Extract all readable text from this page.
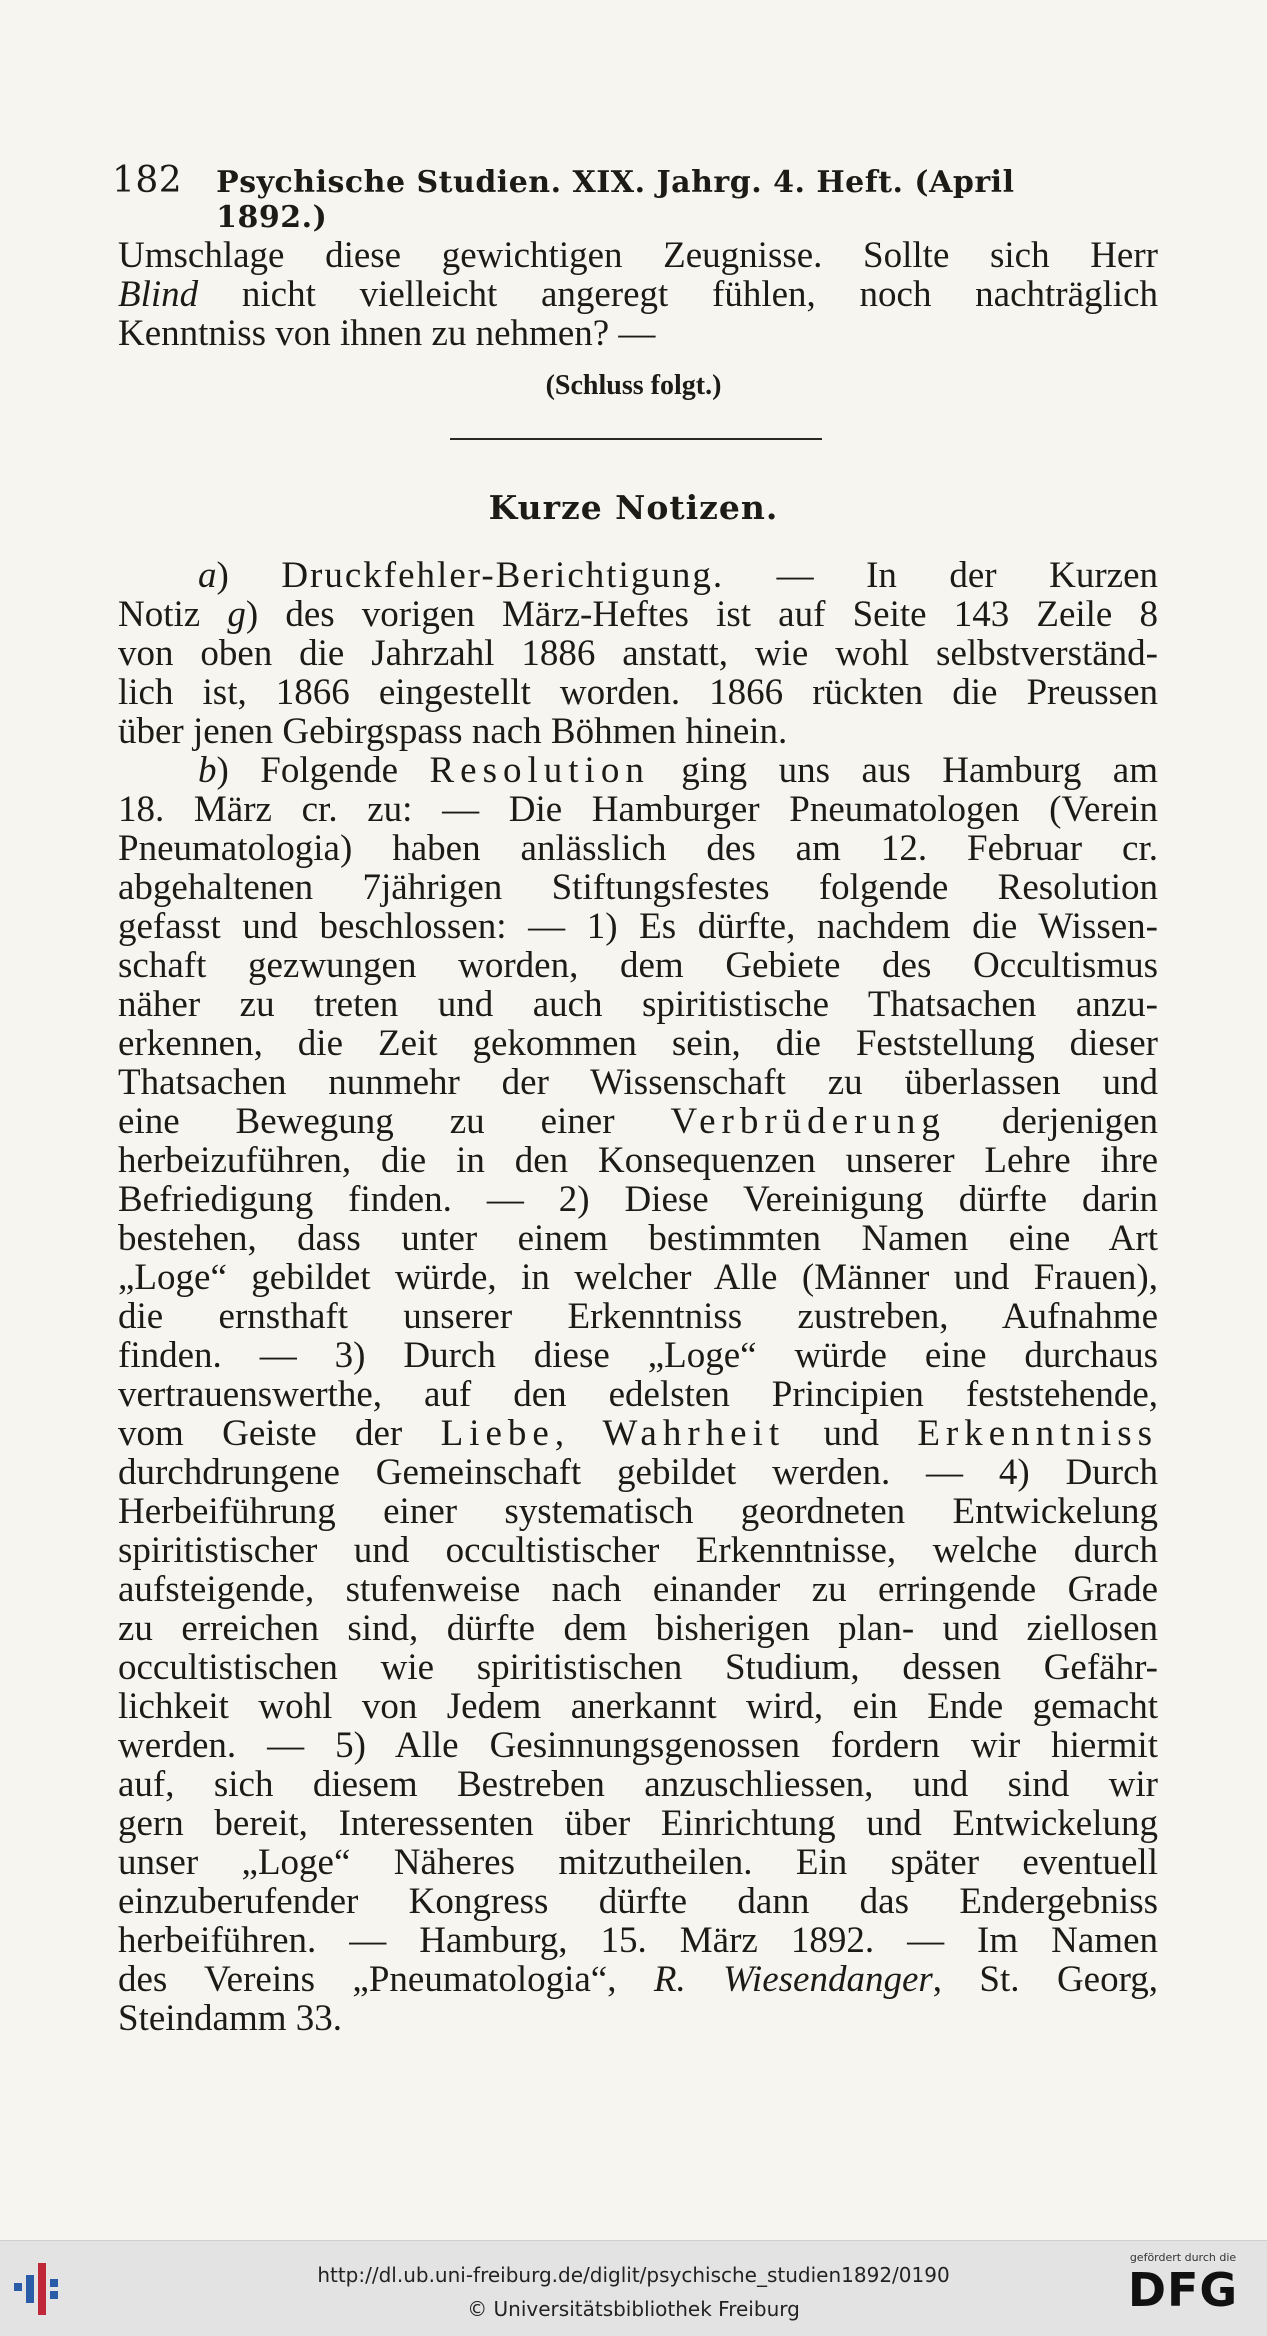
182	Psychische Studien. XIX. Jahrg. 4. Heft. (April 1892.)
Umschlage diese gewichtigen Zeugnisse. Sollte sich Herr
Blind nicht vielleicht angeregt fühlen, noch nachträglich
Kenntniss von ihnen zu nehmen? —
(Schluss folgt.)
Kurze Notizen.
a) Druckfehler-Berichtigung. — In der Kurzen
Notiz g) des vorigen März-Heftes ist auf Seite 143 Zeile 8
von oben die Jahrzahl 1886 anstatt, wie wohl selbstverständ-
lich ist, 1866 eingestellt worden. 1866 rückten die Preussen
über jenen Gebirgspass nach Böhmen hinein.
b) Folgende Resolution ging uns aus Hamburg am
18. März cr. zu: — Die Hamburger Pneumatologen (Verein
Pneumatologia) haben anlässlich des am 12. Februar cr.
abgehaltenen 7jährigen Stiftungsfestes folgende Resolution
gefasst und beschlossen: — 1) Es dürfte, nachdem die Wissen-
schaft gezwungen worden, dem Gebiete des Occultismus
näher zu treten und auch spiritistische Thatsachen anzu-
erkennen, die Zeit gekommen sein, die Feststellung dieser
Thatsachen nunmehr der Wissenschaft zu überlassen und
eine Bewegung zu einer Verbrüderung derjenigen
herbeizuführen, die in den Konsequenzen unserer Lehre ihre
Befriedigung finden. — 2) Diese Vereinigung dürfte darin
bestehen, dass unter einem bestimmten Namen eine Art
„Loge“ gebildet würde, in welcher Alle (Männer und Frauen),
die ernsthaft unserer Erkenntniss zustreben, Aufnahme
finden. — 3) Durch diese „Loge“ würde eine durchaus
vertrauenswerthe, auf den edelsten Principien feststehende,
vom Geiste der Liebe, Wahrheit und Erkenntniss
durchdrungene Gemeinschaft gebildet werden. — 4) Durch
Herbeiführung einer systematisch geordneten Entwickelung
spiritistischer und occultistischer Erkenntnisse, welche durch
aufsteigende, stufenweise nach einander zu erringende Grade
zu erreichen sind, dürfte dem bisherigen plan- und ziellosen
occultistischen wie spiritistischen Studium, dessen Gefähr-
lichkeit wohl von Jedem anerkannt wird, ein Ende gemacht
werden. — 5) Alle Gesinnungsgenossen fordern wir hiermit
auf, sich diesem Bestreben anzuschliessen, und sind wir
gern bereit, Interessenten über Einrichtung und Entwickelung
unser „Loge“ Näheres mitzutheilen. Ein später eventuell
einzuberufender Kongress dürfte dann das Endergebniss
herbeiführen. — Hamburg, 15. März 1892. — Im Namen
des Vereins „Pneumatologia“, R. Wiesendanger, St. Georg,
Steindamm 33.
http://dl.ub.uni-freiburg.de/diglit/psychische_studien1892/0190
© Universitätsbibliothek Freiburg
gefördert durch die
DFG
